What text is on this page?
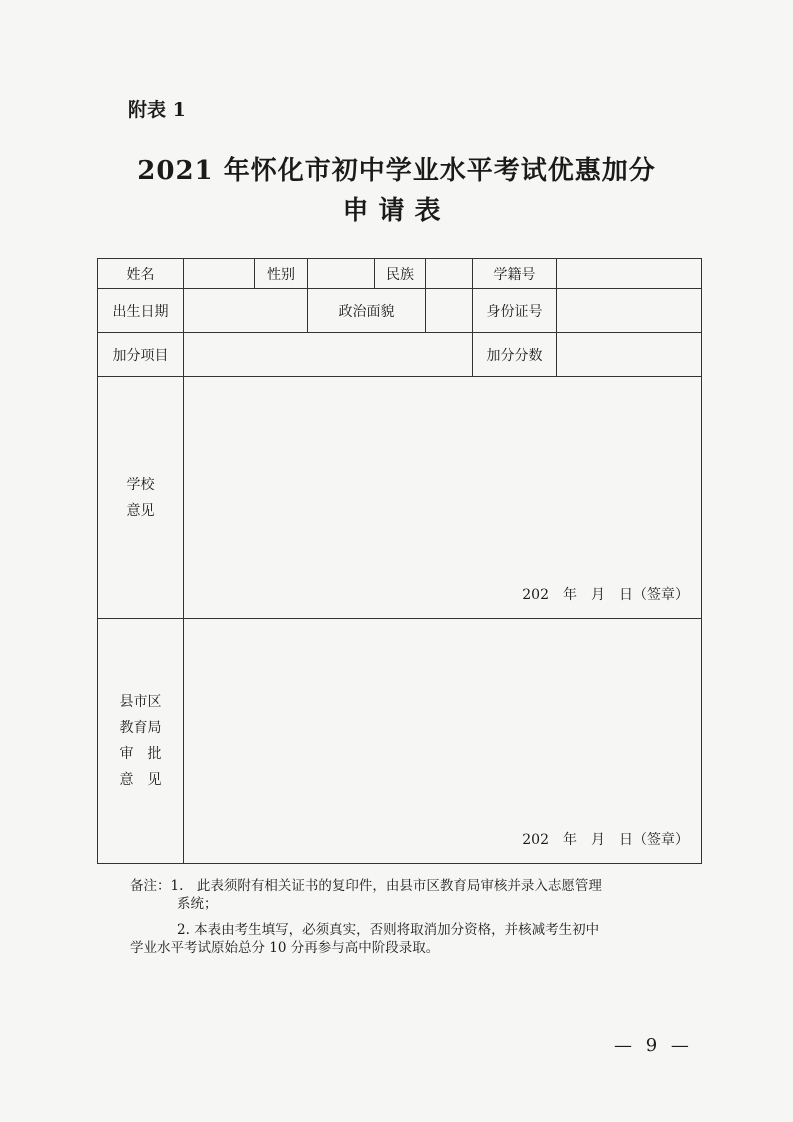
附表 1
2021 年怀化市初中学业水平考试优惠加分
申请表
姓名		性别		民族		学籍号	
出生日期			政治面貌			身份证号	
加分项目						加分分数	

学校
意见	202　年　月　日（签章）						

县市区
教育局
审　批
意　见	202　年　月　日（签章）						

备注：1.　此表须附有相关证书的复印件，由县市区教育局审核并录入志愿管理

系统；

2. 本表由考生填写，必须真实，否则将取消加分资格，并核减考生初中

学业水平考试原始总分 10 分再参与高中阶段录取。

— 9 —
